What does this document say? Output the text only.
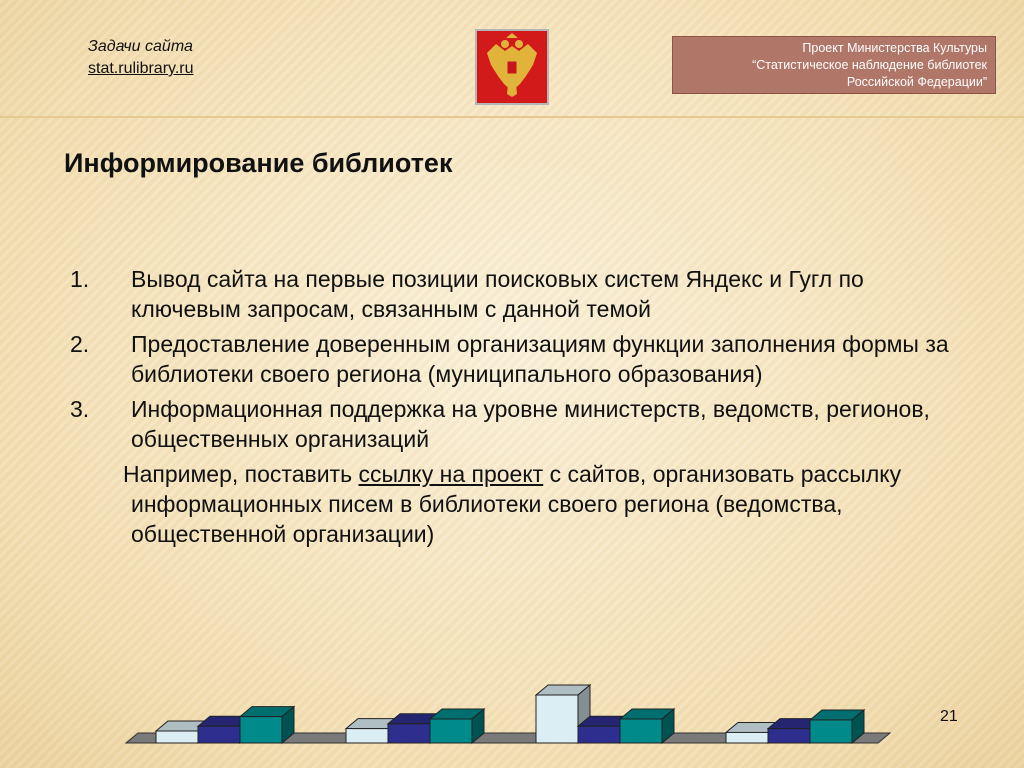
Задачи сайта
stat.rulibrary.ru
Проект Министерства Культуры
“Статистическое наблюдение библиотек
Российской Федерации”
Информирование библиотек
1. Вывод сайта на первые позиции поисковых систем Яндекс и Гугл по ключевым запросам, связанным с данной темой
2. Предоставление доверенным организациям функции заполнения формы за библиотеки своего региона (муниципального образования)
3. Информационная поддержка на уровне министерств, ведомств, регионов, общественных организаций
Например, поставить ссылку на проект с сайтов, организовать рассылку информационных писем в библиотеки своего региона (ведомства, общественной организации)
21
